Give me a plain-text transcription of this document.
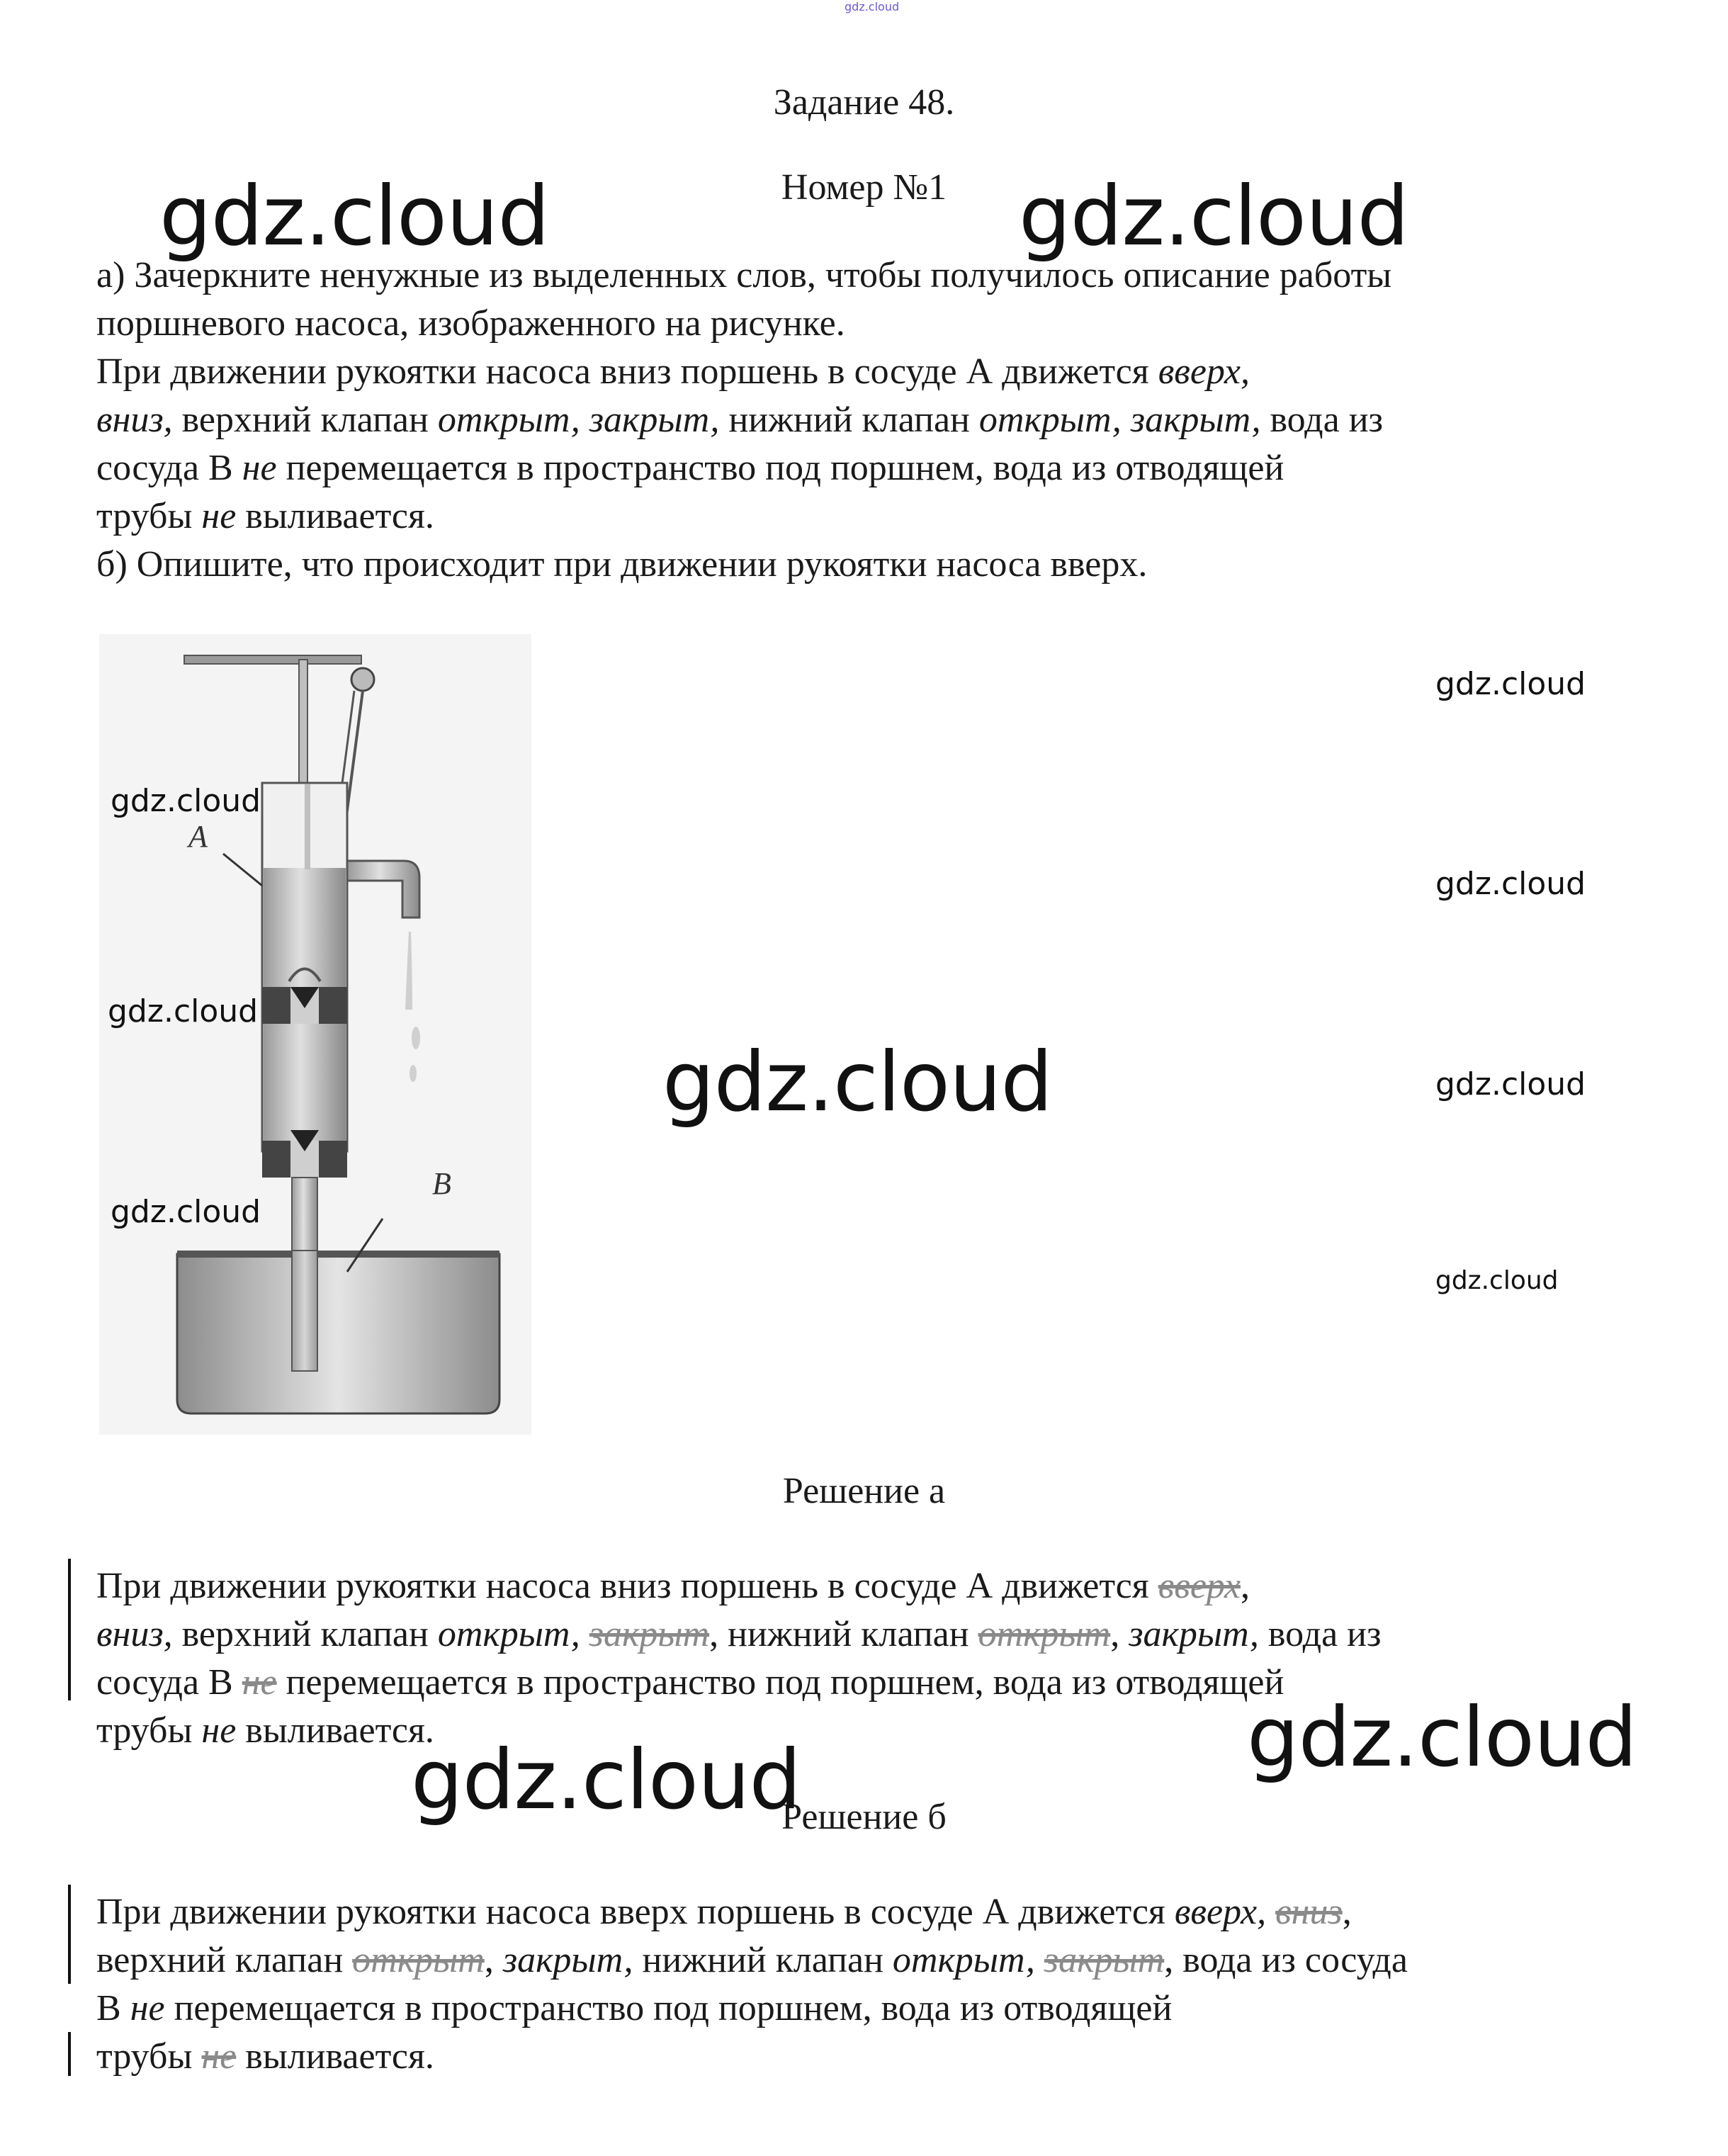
gdz.cloud
Задание 48.
Номер №1
а) Зачеркните ненужные из выделенных слов, чтобы получилось описание работы
поршневого насоса, изображенного на рисунке.
При движении рукоятки насоса вниз поршень в сосуде А движется вверх,
вниз, верхний клапан открыт, закрыт, нижний клапан открыт, закрыт, вода из
сосуда В не перемещается в пространство под поршнем, вода из отводящей
трубы не выливается.
б) Опишите, что происходит при движении рукоятки насоса вверх.
А
В
Решение а
При движении рукоятки насоса вниз поршень в сосуде А движется вверх,
вниз, верхний клапан открыт, закрыт, нижний клапан открыт, закрыт, вода из
сосуда В не перемещается в пространство под поршнем, вода из отводящей
трубы не выливается.
Решение б
При движении рукоятки насоса вверх поршень в сосуде А движется вверх, вниз,
верхний клапан открыт, закрыт, нижний клапан открыт, закрыт, вода из сосуда
В не перемещается в пространство под поршнем, вода из отводящей
трубы не выливается.
gdz.cloud	gdz.cloud
gdz.cloud
gdz.cloud
gdz.cloud
gdz.cloud
gdz.cloud	gdz.cloud
gdz.cloud
gdz.cloud
gdz.cloud
gdz.cloud
